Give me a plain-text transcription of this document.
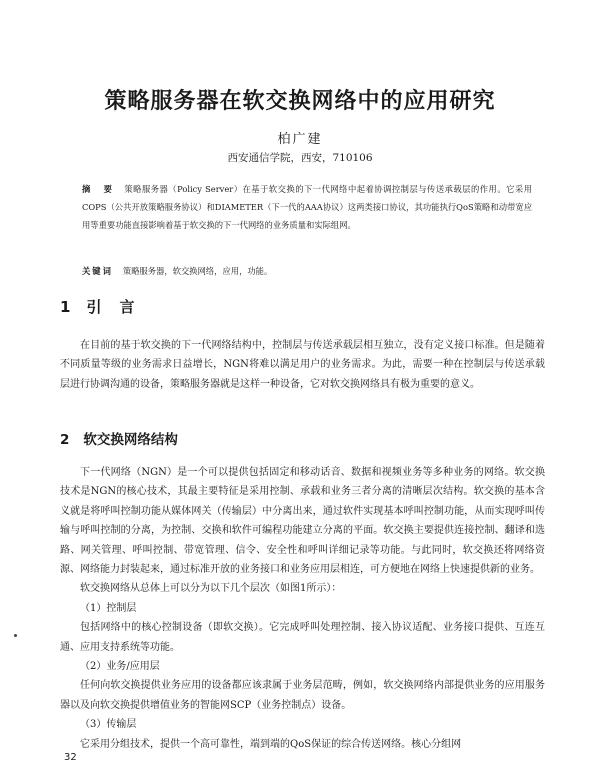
策略服务器在软交换网络中的应用研究
柏广建
西安通信学院，西安，710106
摘　要 策略服务器（Policy Server）在基于软交换的下一代网络中起着协调控制层与传送承载层的作用。它采用COPS（公共开放策略服务协议）和DIAMETER（下一代的AAA协议）这两类接口协议，其功能执行QoS策略和动带宽应用等重要功能直接影响着基于软交换的下一代网络的业务质量和实际组网。
关键词 策略服务器，软交换网络，应用，功能。
1 引言

在目前的基于软交换的下一代网络结构中，控制层与传送承载层相互独立，没有定义接口标准。但是随着不同质量等级的业务需求日益增长，NGN将难以满足用户的业务需求。为此，需要一种在控制层与传送承载层进行协调沟通的设备，策略服务器就是这样一种设备，它对软交换网络具有极为重要的意义。

2 软交换网络结构

下一代网络（NGN）是一个可以提供包括固定和移动话音、数据和视频业务等多种业务的网络。软交换技术是NGN的核心技术，其最主要特征是采用控制、承载和业务三者分离的清晰层次结构。软交换的基本含义就是将呼叫控制功能从媒体网关（传输层）中分离出来，通过软件实现基本呼叫控制功能，从而实现呼叫传输与呼叫控制的分离，为控制、交换和软件可编程功能建立分离的平面。软交换主要提供连接控制、翻译和选路、网关管理、呼叫控制、带宽管理、信令、安全性和呼叫详细记录等功能。与此同时，软交换还将网络资源、网络能力封装起来，通过标准开放的业务接口和业务应用层相连，可方便地在网络上快速提供新的业务。

软交换网络从总体上可以分为以下几个层次（如图1所示）：

（1）控制层

包括网络中的核心控制设备（即软交换）。它完成呼叫处理控制、接入协议适配、业务接口提供、互连互通、应用支持系统等功能。

（2）业务/应用层

任何向软交换提供业务应用的设备都应该隶属于业务层范畴，例如，软交换网络内部提供业务的应用服务器以及向软交换提供增值业务的智能网SCP（业务控制点）设备。

（3）传输层

它采用分组技术，提供一个高可靠性，端到端的QoS保证的综合传送网络。核心分组网

32
